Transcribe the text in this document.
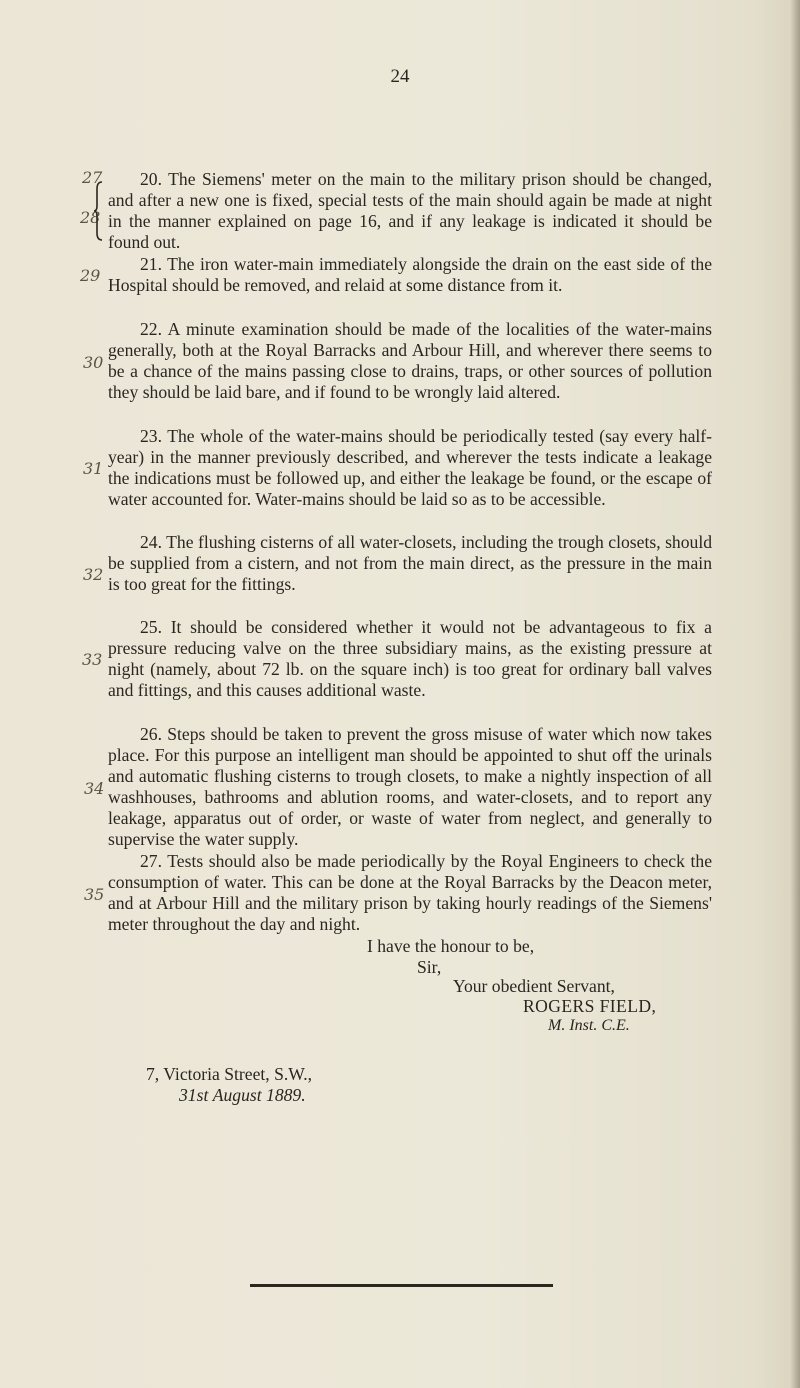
24
27
28
29
30
31
32
33
34
35

20. The Siemens' meter on the main to the military prison should be changed, and after a new one is fixed, special tests of the main should again be made at night in the manner explained on page 16, and if any leakage is indicated it should be found out.

21. The iron water-main immediately alongside the drain on the east side of the Hospital should be removed, and relaid at some distance from it.

22. A minute examination should be made of the localities of the water-mains generally, both at the Royal Barracks and Arbour Hill, and wherever there seems to be a chance of the mains passing close to drains, traps, or other sources of pollution they should be laid bare, and if found to be wrongly laid altered.

23. The whole of the water-mains should be periodically tested (say every half-year) in the manner previously described, and wherever the tests indicate a leakage the indications must be followed up, and either the leakage be found, or the escape of water accounted for. Water-mains should be laid so as to be accessible.

24. The flushing cisterns of all water-closets, including the trough closets, should be supplied from a cistern, and not from the main direct, as the pressure in the main is too great for the fittings.

25. It should be considered whether it would not be advantageous to fix a pressure reducing valve on the three subsidiary mains, as the existing pressure at night (namely, about 72 lb. on the square inch) is too great for ordinary ball valves and fittings, and this causes additional waste.

26. Steps should be taken to prevent the gross misuse of water which now takes place. For this purpose an intelligent man should be appointed to shut off the urinals and automatic flushing cisterns to trough closets, to make a nightly inspection of all washhouses, bathrooms and ablution rooms, and water-closets, and to report any leakage, apparatus out of order, or waste of water from neglect, and generally to supervise the water supply.

27. Tests should also be made periodically by the Royal Engineers to check the consumption of water. This can be done at the Royal Barracks by the Deacon meter, and at Arbour Hill and the military prison by taking hourly readings of the Siemens' meter throughout the day and night.

I have the honour to be,
Sir,
Your obedient Servant,
ROGERS FIELD,
M. Inst. C.E.
7, Victoria Street, S.W.,
31st August 1889.
